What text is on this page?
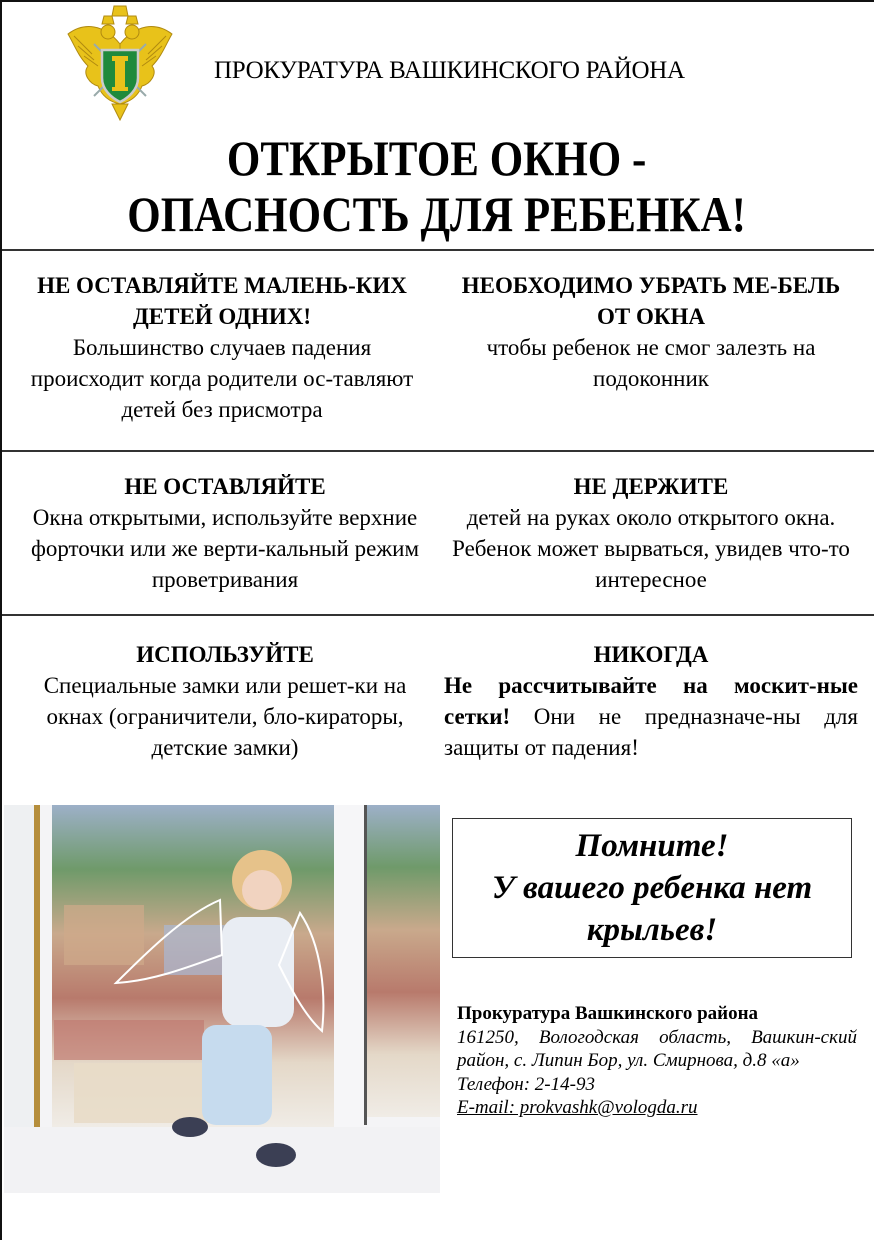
ПРОКУРАТУРА ВАШКИНСКОГО РАЙОНА
ОТКРЫТОЕ ОКНО -
ОПАСНОСТЬ ДЛЯ РЕБЕНКА!
НЕ ОСТАВЛЯЙТЕ МАЛЕНЬ-КИХ ДЕТЕЙ ОДНИХ!
Большинство случаев падения происходит когда родители ос-тавляют детей без присмотра
НЕОБХОДИМО УБРАТЬ МЕ-БЕЛЬ ОТ ОКНА
чтобы ребенок не смог залезть на подоконник
НЕ ОСТАВЛЯЙТЕ
Окна открытыми, используйте верхние форточки или же верти-кальный режим проветривания
НЕ ДЕРЖИТЕ
детей на руках около открытого окна. Ребенок может вырваться, увидев что-то интересное
ИСПОЛЬЗУЙТЕ
Специальные замки или решет-ки на окнах (ограничители, бло-кираторы, детские замки)
НИКОГДА
Не рассчитывайте на москит-ные сетки! Они не предназначе-ны для защиты от падения!
Помните!
У вашего ребенка нет
крыльев!
Прокуратура Вашкинского района
161250, Вологодская область, Вашкин-ский район, с. Липин Бор, ул. Смирнова, д.8 «а»
Телефон: 2-14-93
E-mail: prokvashk@vologda.ru
